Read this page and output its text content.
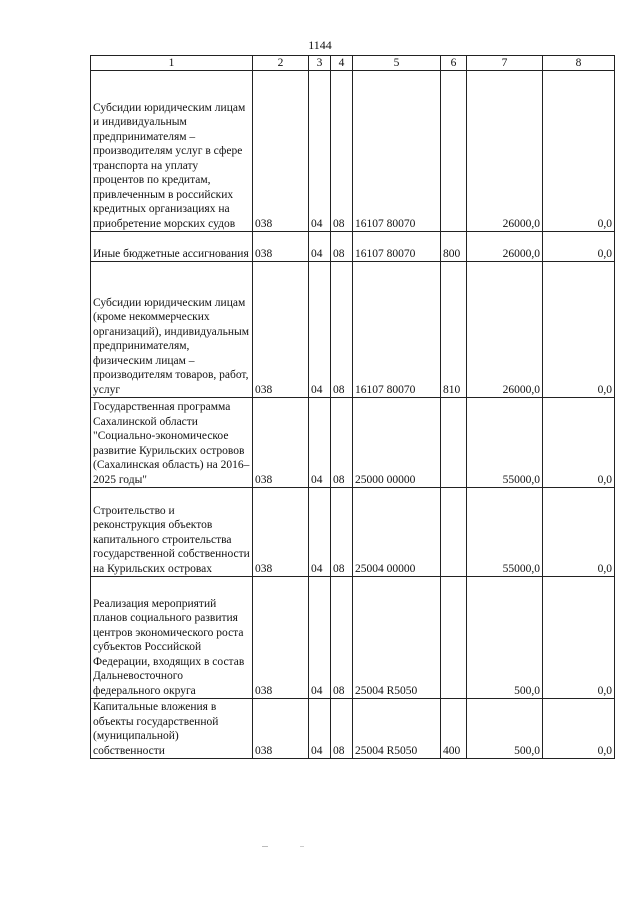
1144
1	2	3	4	5	6	7	8
Субсидии юридическим лицам и индивидуальным предпринимателям – производителям услуг в сфере транспорта на уплату процентов по кредитам, привлеченным в российских кредитных организациях на приобретение морских судов	038	04	08	16107 80070		26000,0	0,0
Иные бюджетные ассигнования	038	04	08	16107 80070	800	26000,0	0,0
Субсидии юридическим лицам (кроме некоммерческих организаций), индивидуальным предпринимателям, физическим лицам – производителям товаров, работ, услуг	038	04	08	16107 80070	810	26000,0	0,0
Государственная программа Сахалинской области "Социально-экономическое развитие Курильских островов (Сахалинская область) на 2016–2025 годы"	038	04	08	25000 00000		55000,0	0,0
Строительство и реконструкция объектов капитального строительства государственной собственности на Курильских островах	038	04	08	25004 00000		55000,0	0,0
Реализация мероприятий планов социального развития центров экономического роста субъектов Российской Федерации, входящих в состав Дальневосточного федерального округа	038	04	08	25004 R5050		500,0	0,0
Капитальные вложения в объекты государственной (муниципальной) собственности	038	04	08	25004 R5050	400	500,0	0,0
